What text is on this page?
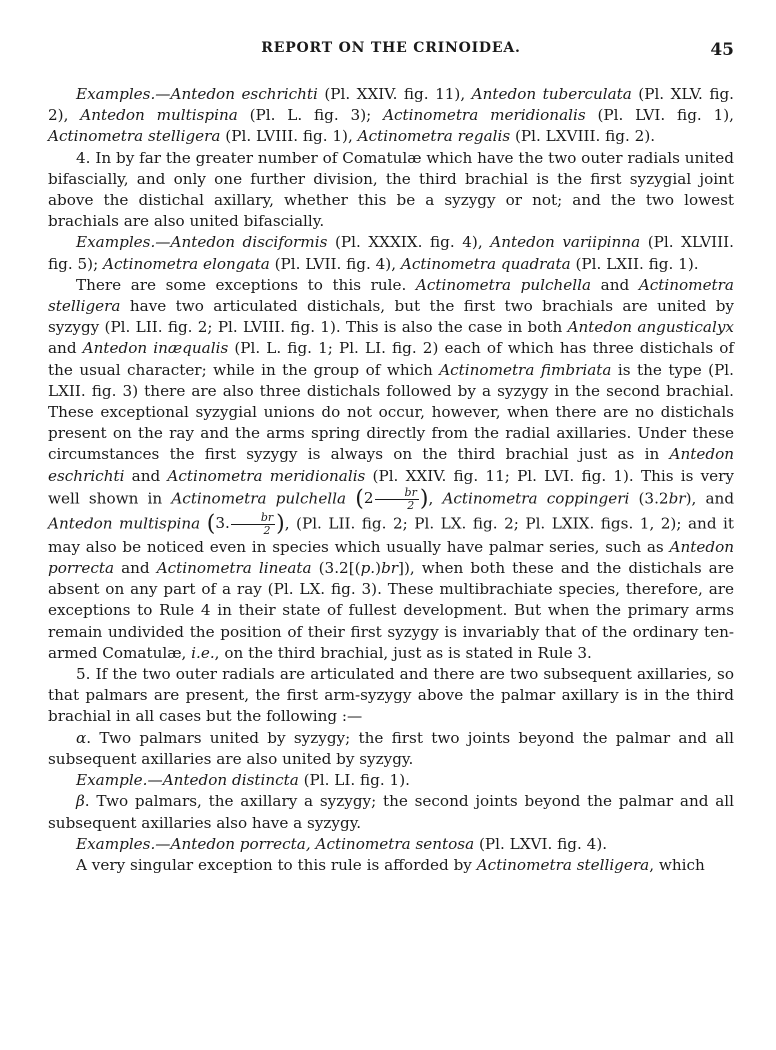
REPORT ON THE CRINOIDEA.	45

Examples.—Antedon eschrichti (Pl. XXIV. fig. 11), Antedon tuberculata (Pl. XLV. fig. 2), Antedon multispina (Pl. L. fig. 3); Actinometra meridionalis (Pl. LVI. fig. 1), Actinometra stelligera (Pl. LVIII. fig. 1), Actinometra regalis (Pl. LXVIII. fig. 2).

4. In by far the greater number of Comatulæ which have the two outer radials united bifascially, and only one further division, the third brachial is the first syzygial joint above the distichal axillary, whether this be a syzygy or not; and the two lowest brachials are also united bifascially.

Examples.—Antedon disciformis (Pl. XXXIX. fig. 4), Antedon variipinna (Pl. XLVIII. fig. 5); Actinometra elongata (Pl. LVII. fig. 4), Actinometra quadrata (Pl. LXII. fig. 1).

There are some exceptions to this rule. Actinometra pulchella and Actinometra stelligera have two articulated distichals, but the first two brachials are united by syzygy (Pl. LII. fig. 2; Pl. LVIII. fig. 1). This is also the case in both Antedon angusticalyx and Antedon inæqualis (Pl. L. fig. 1; Pl. LI. fig. 2) each of which has three distichals of the usual character; while in the group of which Actinometra fimbriata is the type (Pl. LXII. fig. 3) there are also three distichals followed by a syzygy in the second brachial. These exceptional syzygial unions do not occur, however, when there are no distichals present on the ray and the arms spring directly from the radial axillaries. Under these circumstances the first syzygy is always on the third brachial just as in Antedon eschrichti and Actinometra meridionalis (Pl. XXIV. fig. 11; Pl. LVI. fig. 1). This is very well shown in Actinometra pulchella ($2 \frac{br}{2}$ ), Actinometra coppingeri (3.2br), and Antedon multispina (3. $\frac{br}{2}$ ), (Pl. LII. fig. 2; Pl. LX. fig. 2; Pl. LXIX. figs. 1, 2); and it may also be noticed even in species which usually have palmar series, such as Antedon porrecta and Actinometra lineata (3.2[(p.)br]), when both these and the distichals are absent on any part of a ray (Pl. LX. fig. 3). These multibrachiate species, therefore, are exceptions to Rule 4 in their state of fullest development. But when the primary arms remain undivided the position of their first syzygy is invariably that of the ordinary ten-armed Comatulæ, i.e., on the third brachial, just as is stated in Rule 3.

5. If the two outer radials are articulated and there are two subsequent axillaries, so that palmars are present, the first arm-syzygy above the palmar axillary is in the third brachial in all cases but the following :—

α. Two palmars united by syzygy; the first two joints beyond the palmar and all subsequent axillaries are also united by syzygy.

Example.—Antedon distincta (Pl. LI. fig. 1).

β. Two palmars, the axillary a syzygy; the second joints beyond the palmar and all subsequent axillaries also have a syzygy.

Examples.—Antedon porrecta, Actinometra sentosa (Pl. LXVI. fig. 4).

A very singular exception to this rule is afforded by Actinometra stelligera, which
